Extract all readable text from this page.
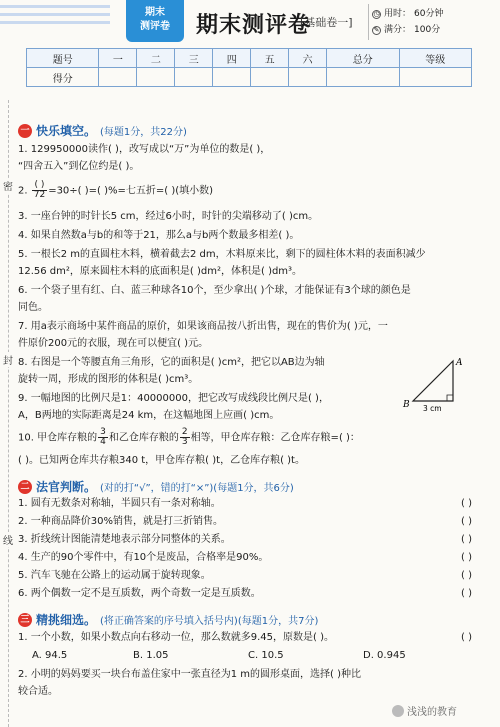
期末
测评卷	期末测评卷
[基础卷一]
◷ 用时： 60分钟
✎ 满分： 100分
题号	一	二	三	四	五	六	总分	等级
得分								
密
封
线
一 快乐填空。 (每题1分，共22分)
1. 129950000读作( )，改写成以“万”为单位的数是( )，
“四舍五入”到亿位约是( )。
2. $\frac{( )}{72} =30\div$( )=( )%=七五折=( )(填小数)
3. 一座台钟的时针长5 cm，经过6小时，时针的尖端移动了( )cm。
4. 如果自然数a与b的和等于21，那么a与b两个数最多相差( )。
5. 一根长2 m的直圆柱木料，横着截去2 dm，木料原来比，剩下的圆柱体木料的表面积减少
12.56 dm²，原来圆柱木料的底面积是( )dm²，体积是( )dm³。
6. 一个袋子里有红、白、蓝三种球各10个，至少拿出( )个球，才能保证有3个球的颜色是
同色。
7. 用a表示商场中某件商品的原价，如果该商品按八折出售，现在的售价为( )元，一
件原价200元的衣服，现在可以便宜( )元。
8. 右图是一个等腰直角三角形，它的面积是( )cm²，把它以AB边为轴
旋转一周，形成的图形的体积是( )cm³。
9. 一幅地图的比例尺是1：40000000，把它改写成线段比例尺是( )，
A，B两地的实际距离是24 km，在这幅地图上应画( )cm。
A
B 3 cm
10. 甲仓库存粮的 $\frac{3}{4}$ 和乙仓库存粮的 $\frac{2}{3}$ 相等，甲仓库存粮：乙仓库存粮=( )：
( )。已知两仓库共存粮340 t，甲仓库存粮( )t，乙仓库存粮( )t。
二 法官判断。 (对的打“√”，错的打“×”)(每题1分，共6分)
1. 圆有无数条对称轴，半圆只有一条对称轴。	( )
2. 一种商品降价30%销售，就是打三折销售。	( )
3. 折线统计图能清楚地表示部分同整体的关系。	( )
4. 生产的90个零件中，有10个是废品，合格率是90%。	( )
5. 汽车飞驰在公路上的运动属于旋转现象。	( )
6. 两个偶数一定不是互质数，两个奇数一定是互质数。	( )
三 精挑细选。 (将正确答案的序号填入括号内)(每题1分，共7分)
1. 一个小数，如果小数点向右移动一位，那么数就多9.45，原数是( )。	( )
A. 94.5	B. 1.05	C. 10.5	D. 0.945
2. 小明的妈妈要买一块台布盖住家中一张直径为1 m的圆形桌面，选择( )种比
较合适。
浅浅的教育
